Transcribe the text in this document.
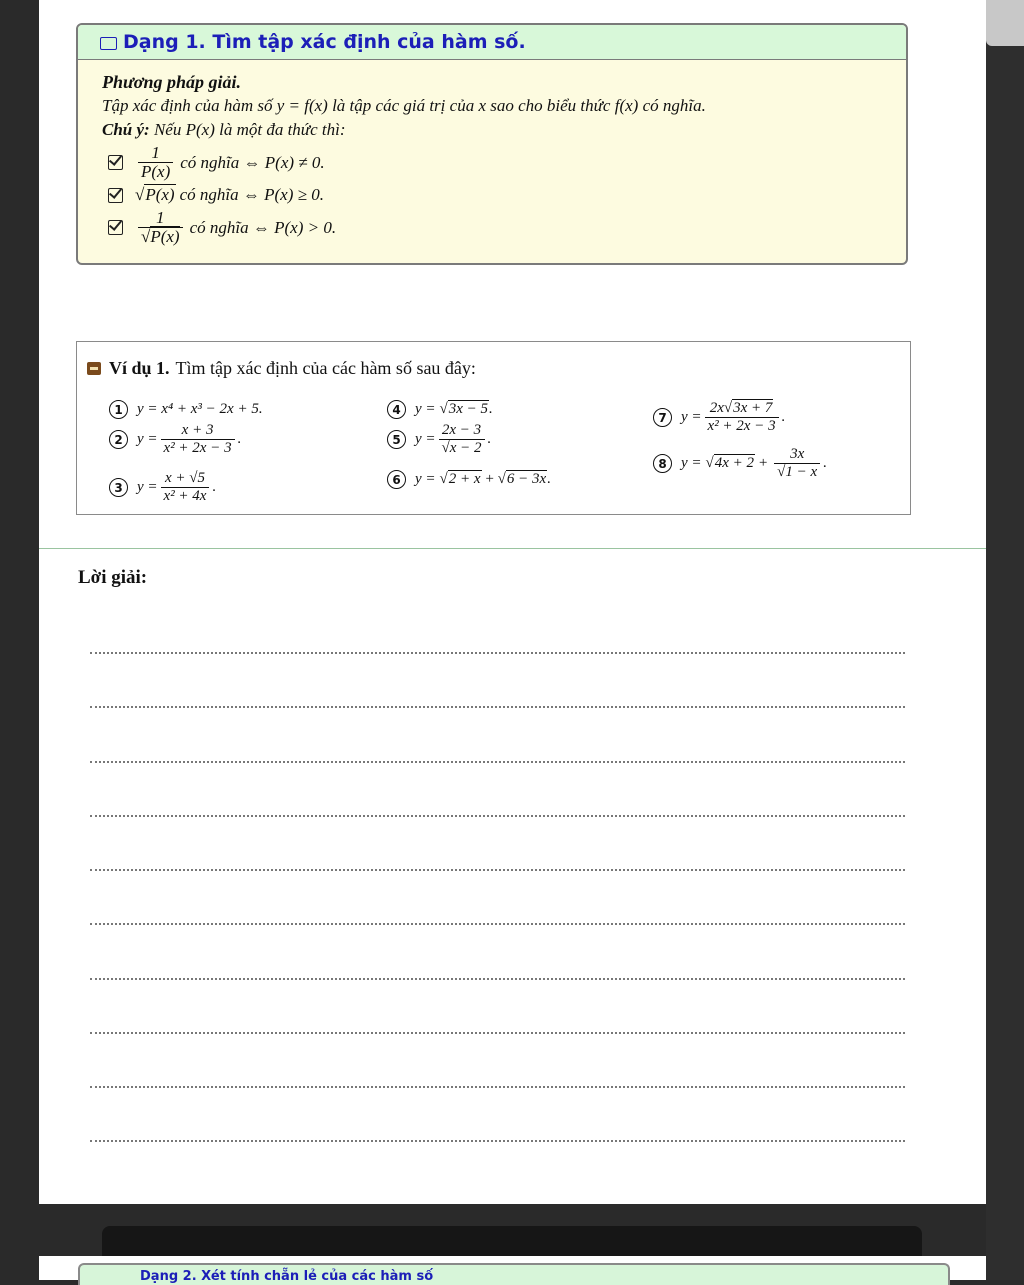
Dạng 1. Tìm tập xác định của hàm số.
Phương pháp giải.
Tập xác định của hàm số y = f(x) là tập các giá trị của x sao cho biểu thức f(x) có nghĩa.
Chú ý: Nếu P(x) là một đa thức thì:
$\frac{1}{P(x)}$ có nghĩa ⇔ P(x) ≠ 0.
√P(x) có nghĩa ⇔ P(x) ≥ 0.
$\frac{1}{√P(x)}$ có nghĩa ⇔ P(x) > 0.
Ví dụ 1. Tìm tập xác định của các hàm số sau đây:
1 y = x⁴ + x³ − 2x + 5.
2 $y = \frac{x + 3}{\text{x² + 2x − 3}}$ .
3 $y = \frac{x + √5}{\text{x² + 4x}}$ .
4 y = √3x − 5 .
5 $y = \frac{2x - 3}{√x - 2}$ .
6 y = √2 + x + √6 − 3x .
7 $y = \frac{2x√3x + 7}{\text{x² + 2x − 3}}$ .
8 $y = √4x + 2 + \frac{3x}{√1 - x}$ .
Lời giải:
Dạng 2. Xét tính chẵn lẻ của các hàm số
